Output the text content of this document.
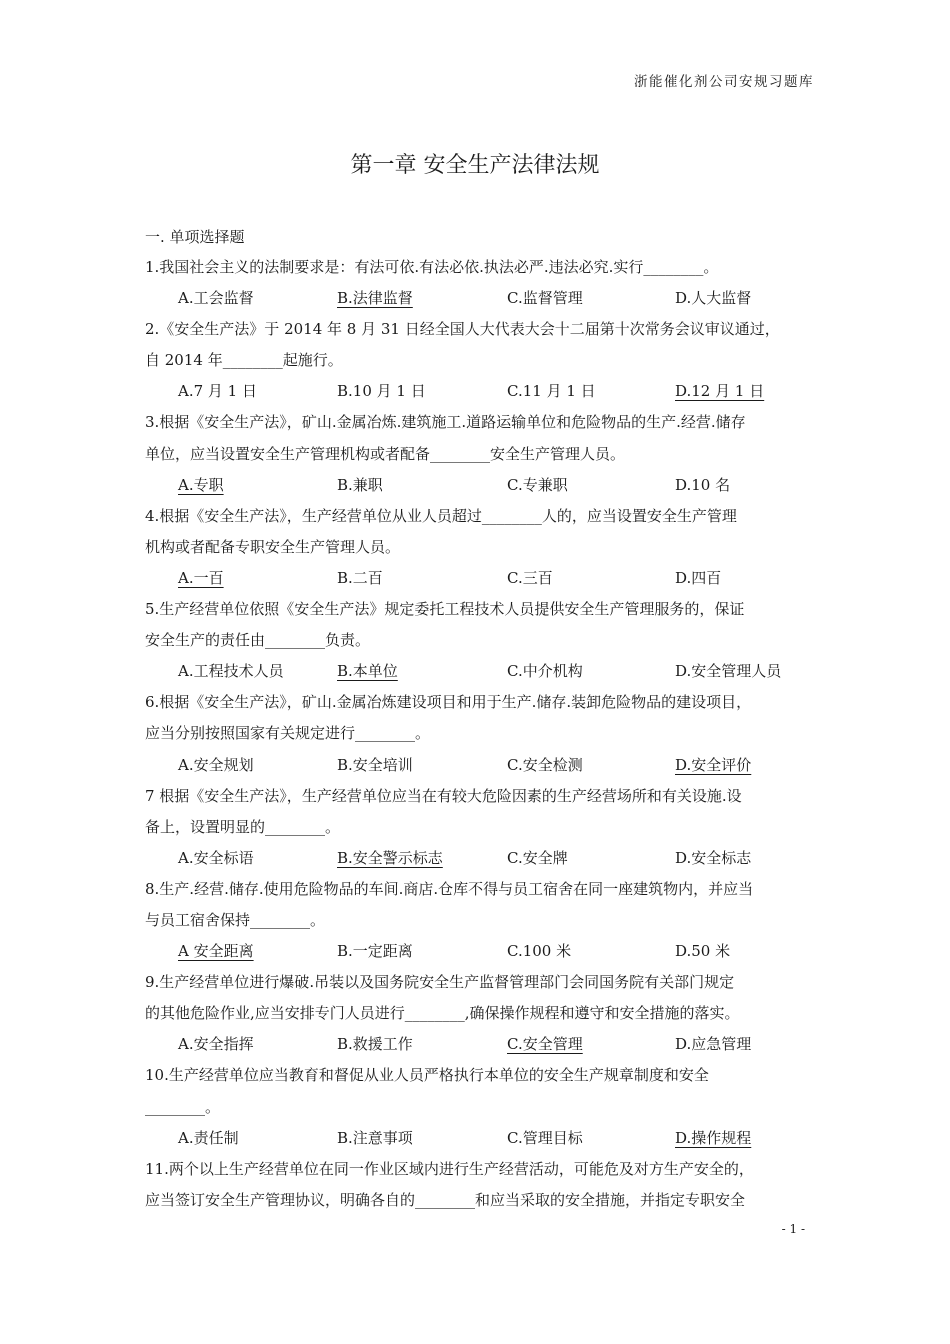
浙能催化剂公司安规习题库
第一章 安全生产法律法规
一. 单项选择题
1.我国社会主义的法制要求是：有法可依.有法必依.执法必严.违法必究.实行________。
A.工会监督	B.法律监督	C.监督管理	D.人大监督
2.《安全生产法》于 2014 年 8 月 31 日经全国人大代表大会十二届第十次常务会议审议通过，
自 2014 年________起施行。
A.7 月 1 日	B.10 月 1 日	C.11 月 1 日	D.12 月 1 日
3.根据《安全生产法》，矿山.金属冶炼.建筑施工.道路运输单位和危险物品的生产.经营.储存
单位，应当设置安全生产管理机构或者配备________安全生产管理人员。
A.专职	B.兼职	C.专兼职	D.10 名
4.根据《安全生产法》，生产经营单位从业人员超过________人的，应当设置安全生产管理
机构或者配备专职安全生产管理人员。
A.一百	B.二百	C.三百	D.四百
5.生产经营单位依照《安全生产法》规定委托工程技术人员提供安全生产管理服务的，保证
安全生产的责任由________负责。
A.工程技术人员	B.本单位	C.中介机构	D.安全管理人员
6.根据《安全生产法》，矿山.金属冶炼建设项目和用于生产.储存.装卸危险物品的建设项目，
应当分别按照国家有关规定进行________。
A.安全规划	B.安全培训	C.安全检测	D.安全评价
7 根据《安全生产法》，生产经营单位应当在有较大危险因素的生产经营场所和有关设施.设
备上，设置明显的________。
A.安全标语	B.安全警示标志	C.安全牌	D.安全标志
8.生产.经营.储存.使用危险物品的车间.商店.仓库不得与员工宿舍在同一座建筑物内，并应当
与员工宿舍保持________。
A 安全距离	B.一定距离	C.100 米	D.50 米
9.生产经营单位进行爆破.吊装以及国务院安全生产监督管理部门会同国务院有关部门规定
的其他危险作业,应当安排专门人员进行________,确保操作规程和遵守和安全措施的落实。
A.安全指挥	B.救援工作	C.安全管理	D.应急管理
10.生产经营单位应当教育和督促从业人员严格执行本单位的安全生产规章制度和安全
________。
A.责任制	B.注意事项	C.管理目标	D.操作规程
11.两个以上生产经营单位在同一作业区域内进行生产经营活动，可能危及对方生产安全的，
应当签订安全生产管理协议，明确各自的________和应当采取的安全措施，并指定专职安全
- 1 -
